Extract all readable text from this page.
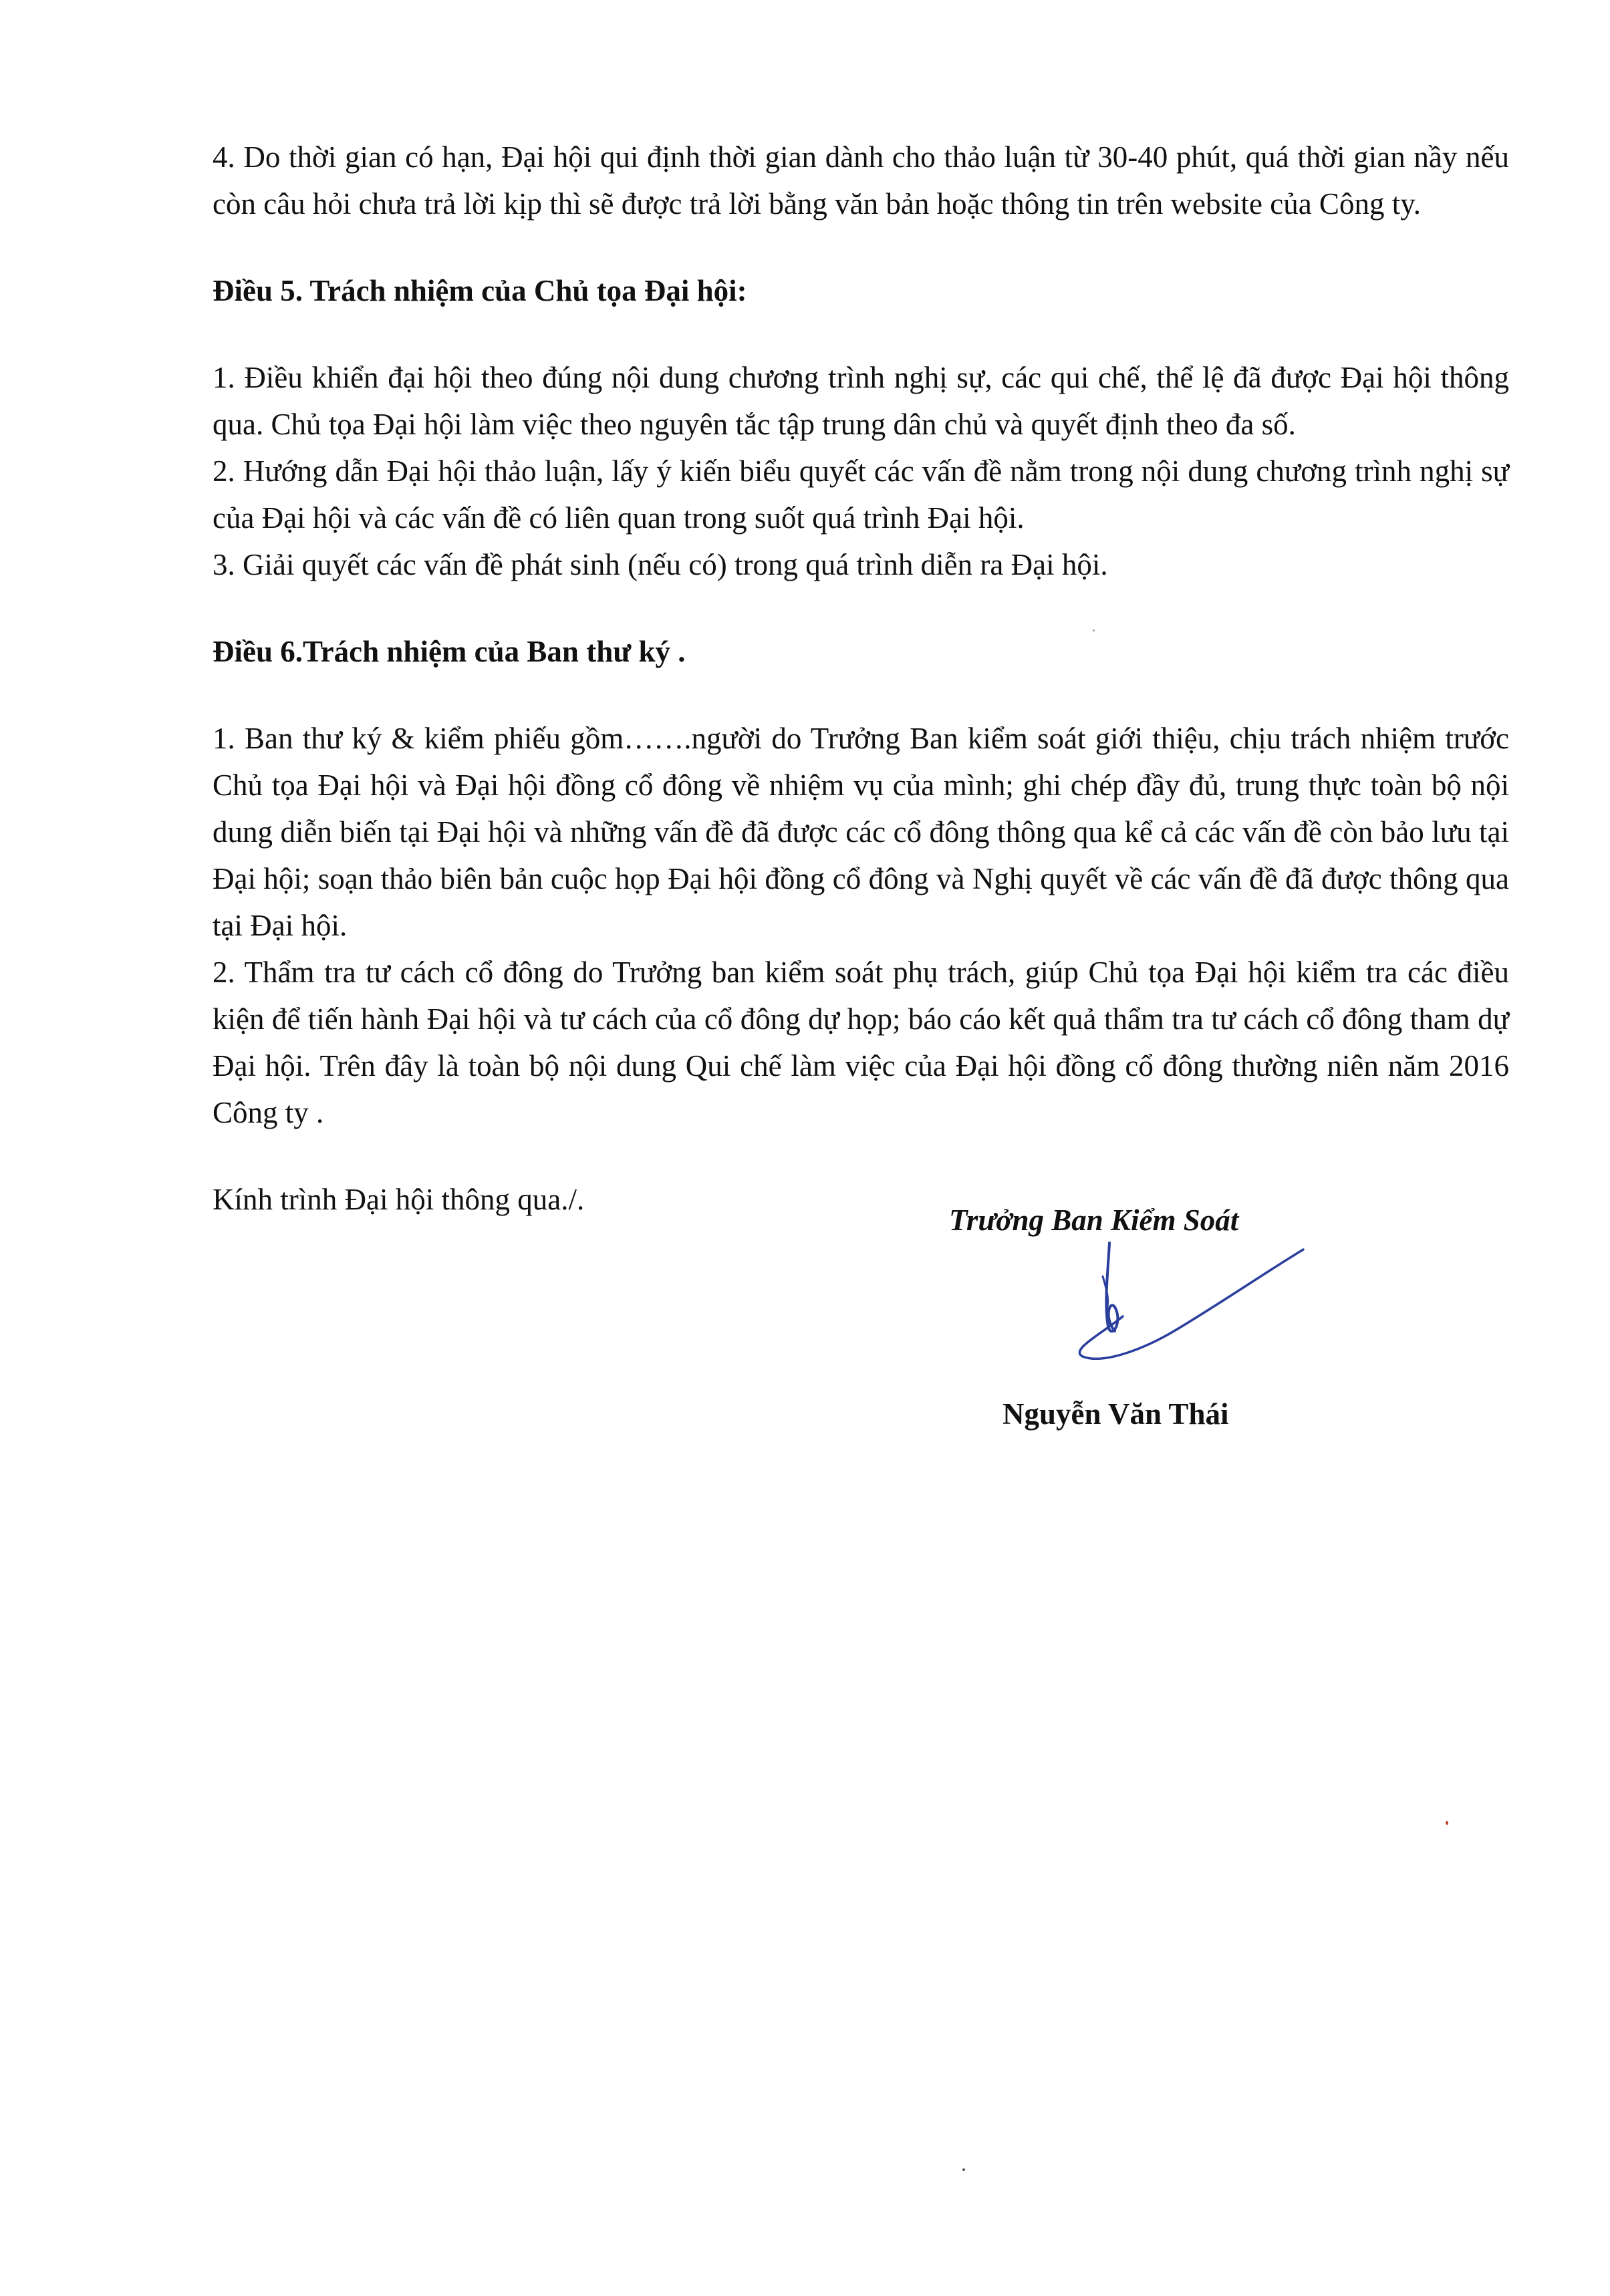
4. Do thời gian có hạn, Đại hội qui định thời gian dành cho thảo luận từ 30-40 phút, quá thời gian nầy nếu còn câu hỏi chưa trả lời kịp thì sẽ được trả lời bằng văn bản hoặc thông tin trên website của Công ty.

Điều 5. Trách nhiệm của Chủ tọa Đại hội:

1. Điều khiển đại hội theo đúng nội dung chương trình nghị sự, các qui chế, thể lệ đã được Đại hội thông qua. Chủ tọa Đại hội làm việc theo nguyên tắc tập trung dân chủ và quyết định theo đa số.

2. Hướng dẫn Đại hội thảo luận, lấy ý kiến biểu quyết các vấn đề nằm trong nội dung chương trình nghị sự của Đại hội và các vấn đề có liên quan trong suốt quá trình Đại hội.

3. Giải quyết các vấn đề phát sinh (nếu có) trong quá trình diễn ra Đại hội.

Điều 6.Trách nhiệm của Ban thư ký .

1. Ban thư ký & kiểm phiếu gồm…….người do Trưởng Ban kiểm soát giới thiệu, chịu trách nhiệm trước Chủ tọa Đại hội và Đại hội đồng cổ đông về nhiệm vụ của mình; ghi chép đầy đủ, trung thực toàn bộ nội dung diễn biến tại Đại hội và những vấn đề đã được các cổ đông thông qua kể cả các vấn đề còn bảo lưu tại Đại hội; soạn thảo biên bản cuộc họp Đại hội đồng cổ đông và Nghị quyết về các vấn đề đã được thông qua tại Đại hội.

2. Thẩm tra tư cách cổ đông do Trưởng ban kiểm soát phụ trách, giúp Chủ tọa Đại hội kiểm tra các điều kiện để tiến hành Đại hội và tư cách của cổ đông dự họp; báo cáo kết quả thẩm tra tư cách cổ đông tham dự Đại hội. Trên đây là toàn bộ nội dung Qui chế làm việc của Đại hội đồng cổ đông thường niên năm 2016 Công ty .

Kính trình Đại hội thông qua./.

Trưởng Ban Kiểm Soát
Nguyễn Văn Thái
